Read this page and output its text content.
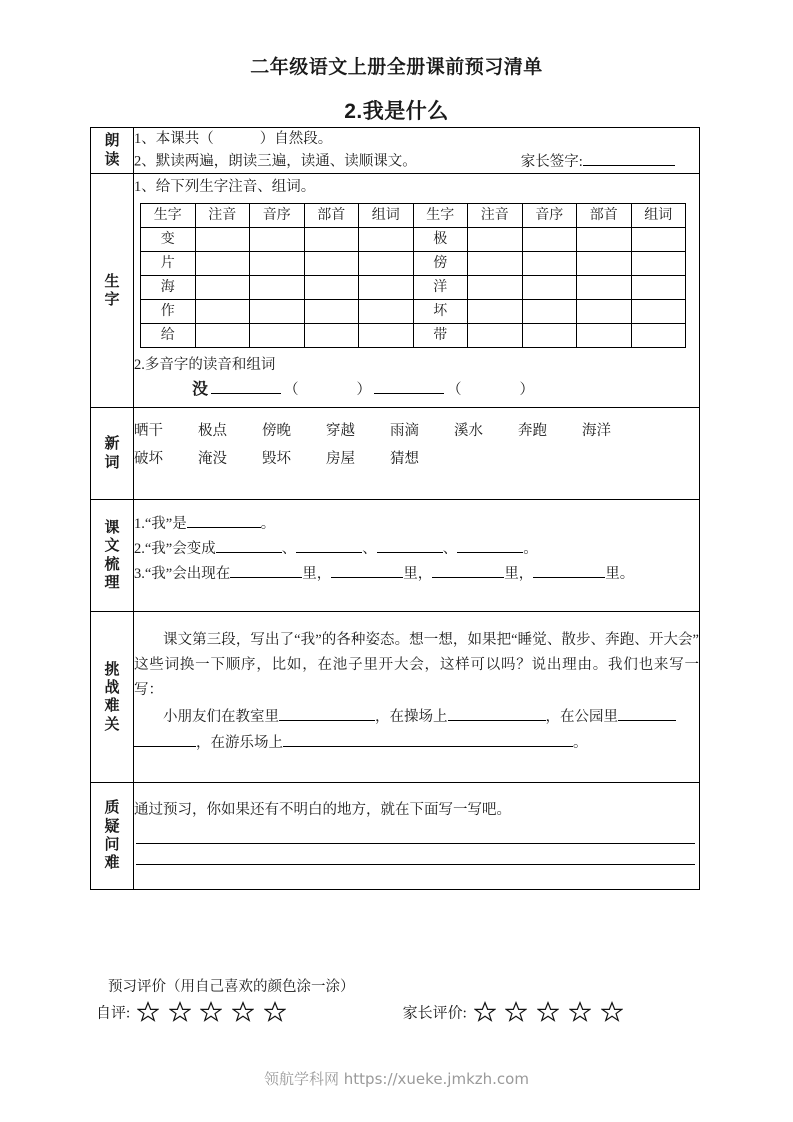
二年级语文上册全册课前预习清单
2.我是什么
朗
读

1、本课共（	）自然段。
2、默读两遍，朗读三遍，读通、读顺课文。	家长签字:

生
字

1、给下列生字注音、组词。
生字	注音	音序	部首	组词	生字	注音	音序	部首	组词
变					极				
片					傍				
海					洋				
作					坏				
给					带				
2.多音字的读音和组词
没	（	）	（	）

新
词

晒干 极点 傍晚 穿越 雨滴 溪水 奔跑 海洋
破坏 淹没 毁坏 房屋 猜想

课
文
梳
理

1.“我”是	。
2.“我”会变成	、	、	、	。
3.“我”会出现在	里，	里，	里，	里。

挑
战
难
关

课文第三段，写出了“我”的各种姿态。想一想，如果把“睡觉、散步、奔跑、开大会”这些词换一下顺序，比如，在池子里开大会，这样可以吗？说出理由。我们也来写一写：
小朋友们在教室里	，在操场上	，在公园里，在游乐场上	。

质
疑
问
难

通过预习，你如果还有不明白的地方，就在下面写一写吧。
预习评价（用自己喜欢的颜色涂一涂）
自评:

	家长评价:

领航学科网 https://xueke.jmkzh.com
